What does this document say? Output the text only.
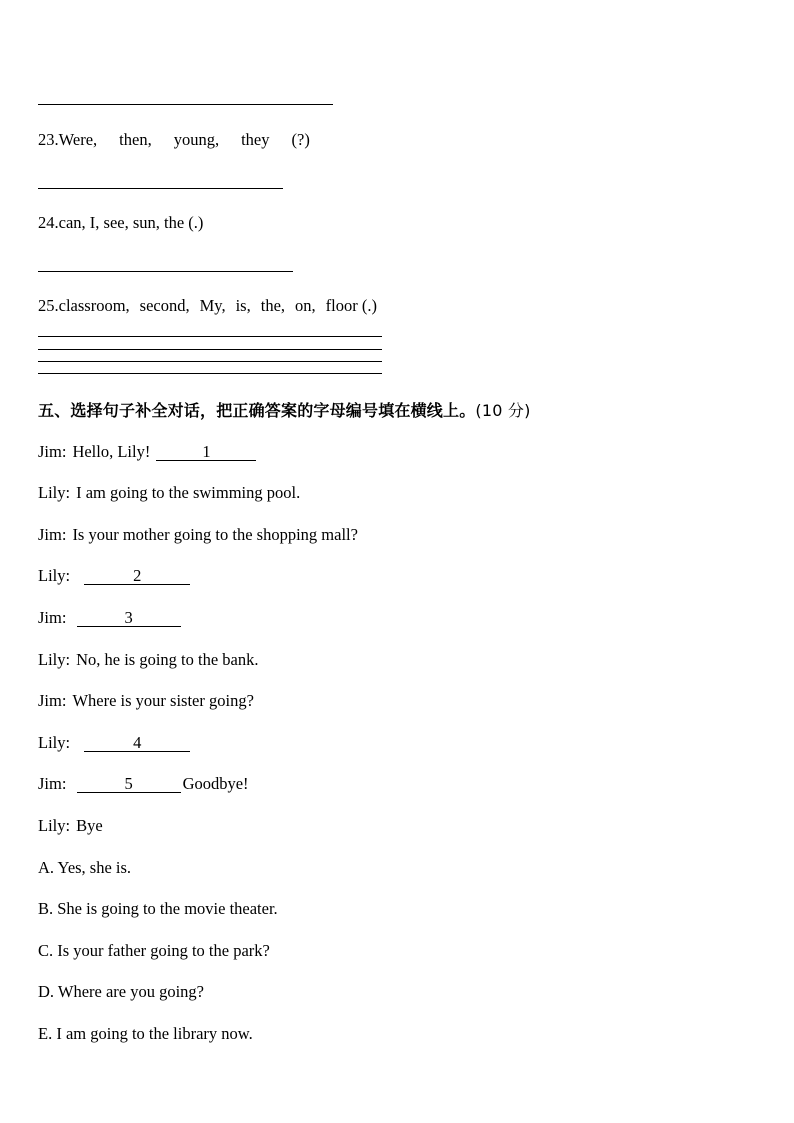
23.Were, then, young, they (?)
24.can, I, see, sun, the (.)
25.classroom, second, My, is, the, on, floor (.)
五、选择句子补全对话，把正确答案的字母编号填在横线上。(10 分)
Jim: Hello, Lily!	1
Lily: I am going to the swimming pool.
Jim: Is your mother going to the shopping mall?
Lily:	2
Jim:	3
Lily: No, he is going to the bank.
Jim: Where is your sister going?
Lily:	4
Jim:	5	Goodbye!
Lily: Bye
A. Yes, she is.
B. She is going to the movie theater.
C. Is your father going to the park?
D. Where are you going?
E. I am going to the library now.
